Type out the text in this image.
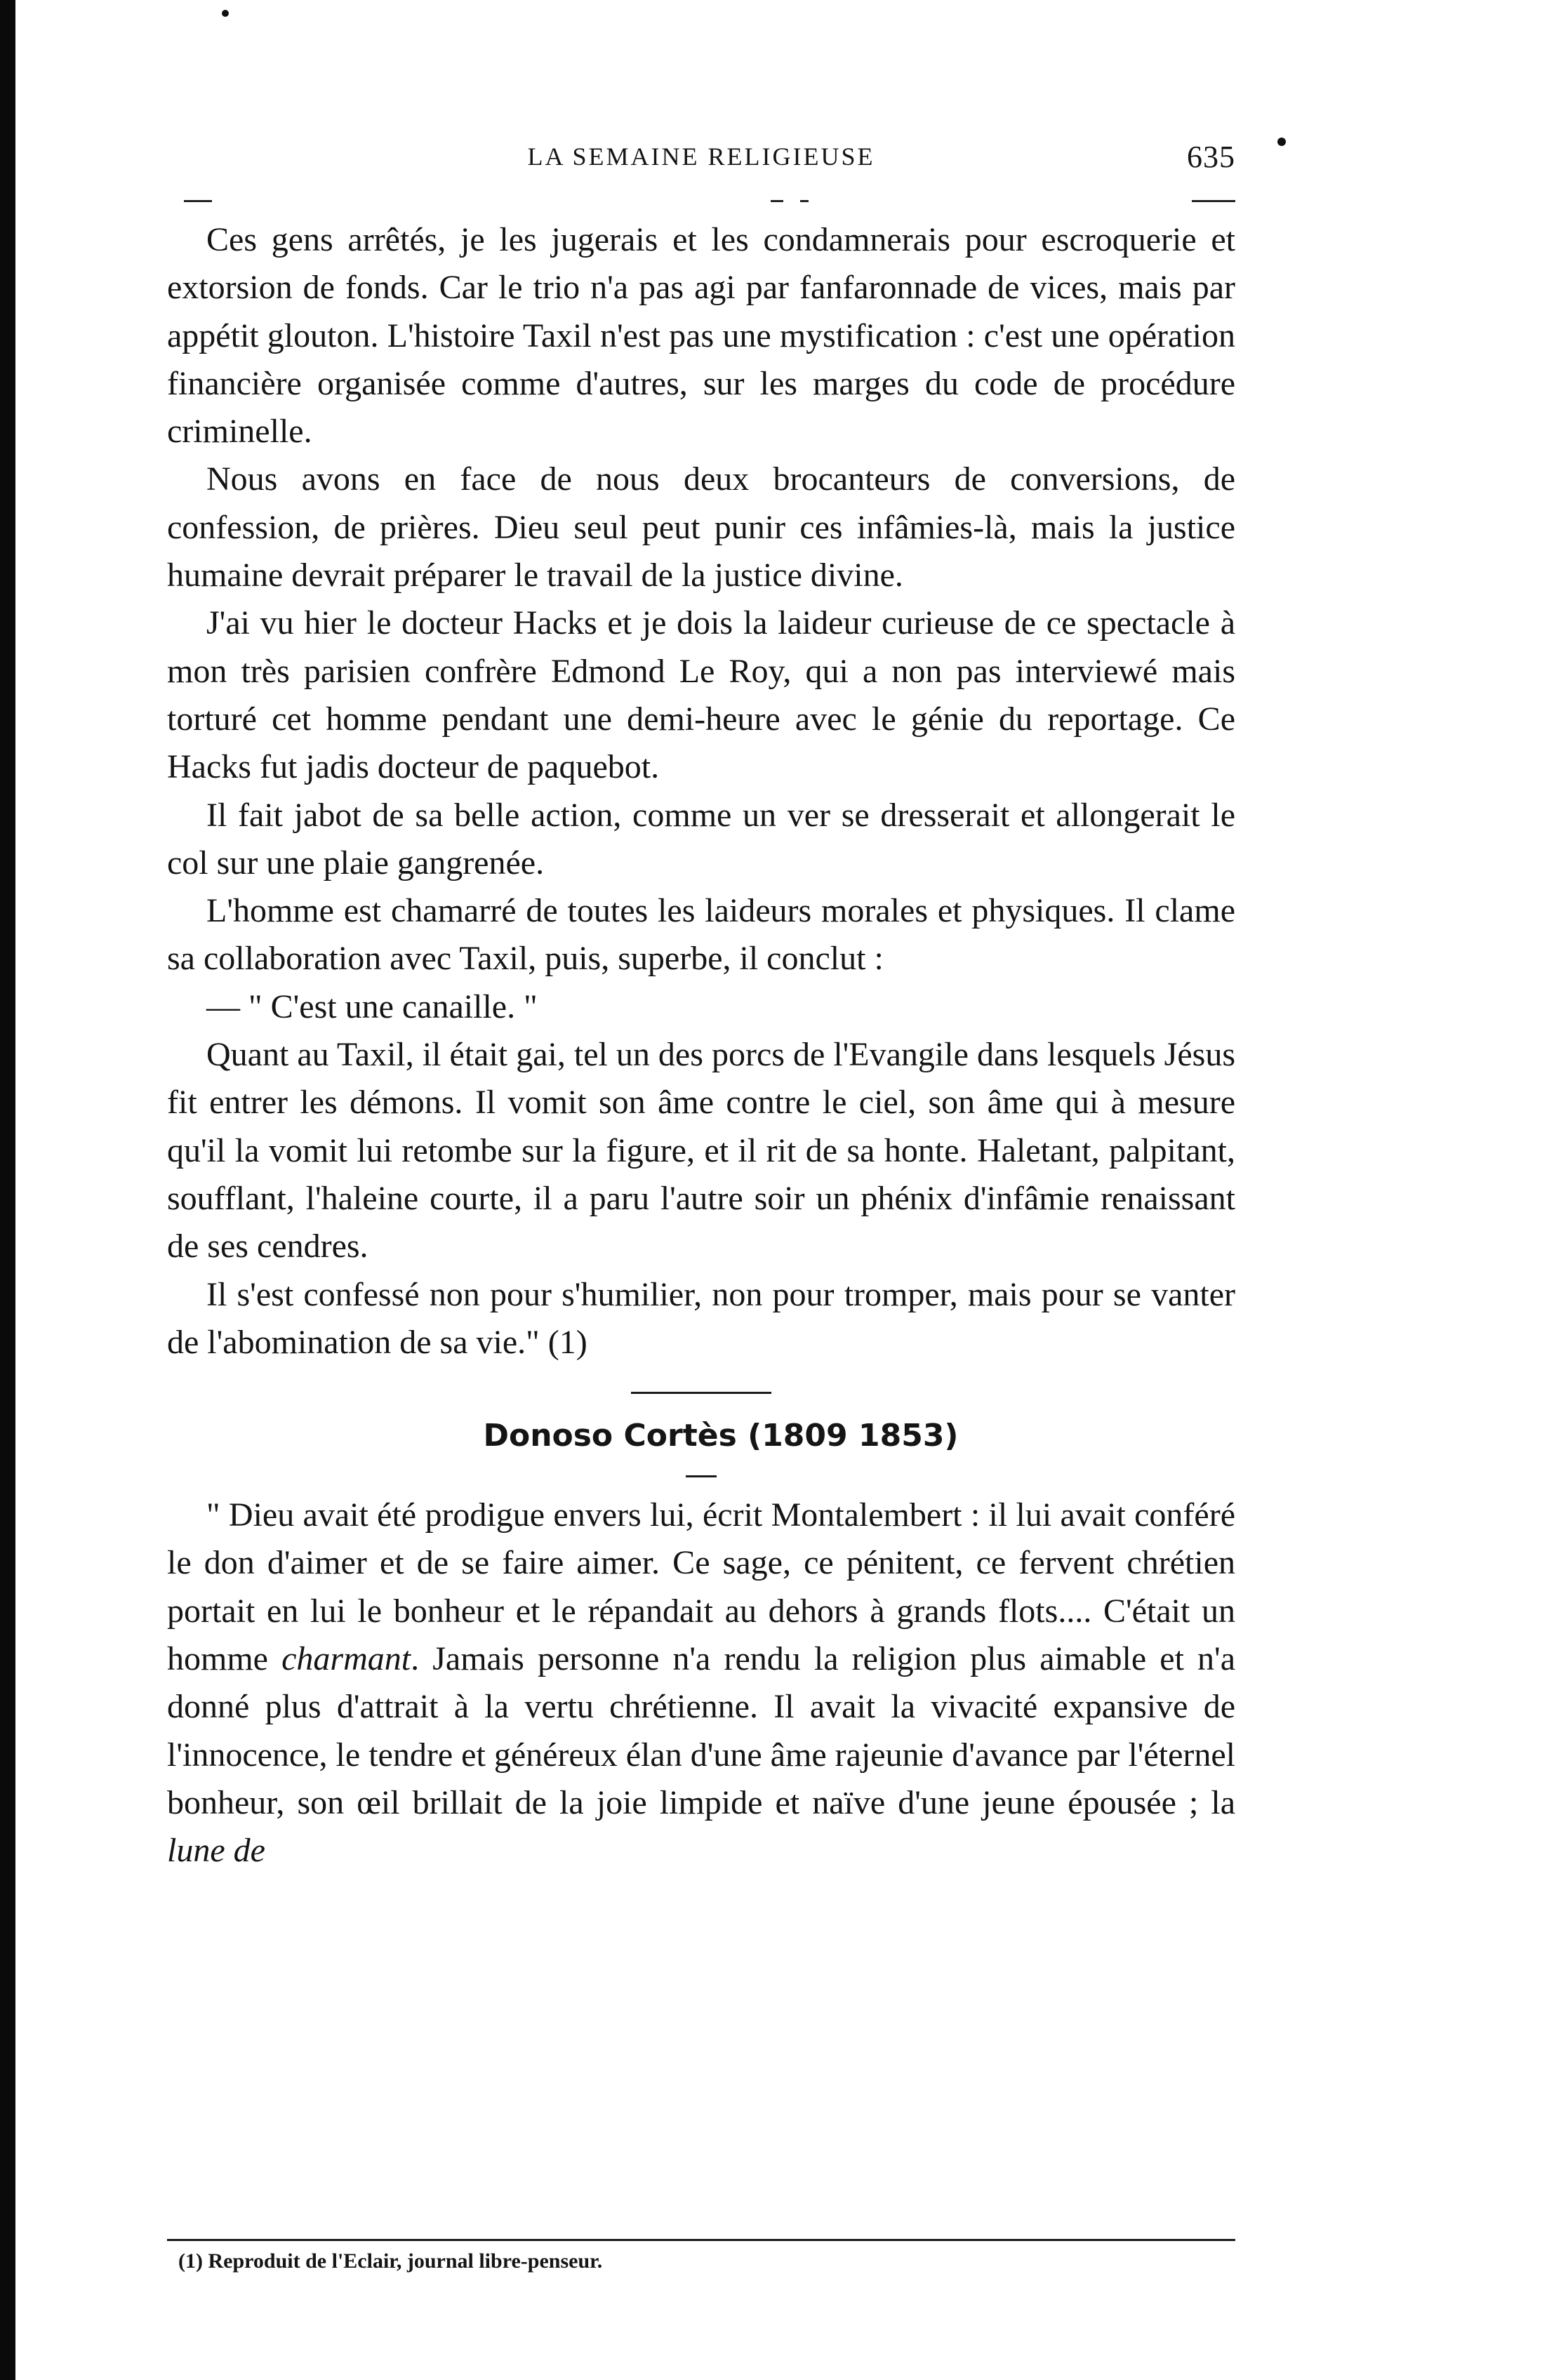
LA SEMAINE RELIGIEUSE	635

Ces gens arrêtés, je les jugerais et les condamnerais pour escroquerie et extorsion de fonds. Car le trio n'a pas agi par fanfaronnade de vices, mais par appétit glouton. L'histoire Taxil n'est pas une mystification : c'est une opération financière organisée comme d'autres, sur les marges du code de procédure criminelle.

Nous avons en face de nous deux brocanteurs de conversions, de confession, de prières. Dieu seul peut punir ces infâmies-là, mais la justice humaine devrait préparer le travail de la justice divine.

J'ai vu hier le docteur Hacks et je dois la laideur curieuse de ce spectacle à mon très parisien confrère Edmond Le Roy, qui a non pas interviewé mais torturé cet homme pendant une demi-heure avec le génie du reportage. Ce Hacks fut jadis docteur de paquebot.

Il fait jabot de sa belle action, comme un ver se dresserait et allongerait le col sur une plaie gangrenée.

L'homme est chamarré de toutes les laideurs morales et physiques. Il clame sa collaboration avec Taxil, puis, superbe, il conclut :

— " C'est une canaille. "

Quant au Taxil, il était gai, tel un des porcs de l'Evangile dans lesquels Jésus fit entrer les démons. Il vomit son âme contre le ciel, son âme qui à mesure qu'il la vomit lui retombe sur la figure, et il rit de sa honte. Haletant, palpitant, soufflant, l'haleine courte, il a paru l'autre soir un phénix d'infâmie renaissant de ses cendres.

Il s'est confessé non pour s'humilier, non pour tromper, mais pour se vanter de l'abomination de sa vie." (1)

Donoso Cortès (1809 1853)

" Dieu avait été prodigue envers lui, écrit Montalembert : il lui avait conféré le don d'aimer et de se faire aimer. Ce sage, ce pénitent, ce fervent chrétien portait en lui le bonheur et le répandait au dehors à grands flots.... C'était un homme charmant. Jamais personne n'a rendu la religion plus aimable et n'a donné plus d'attrait à la vertu chrétienne. Il avait la vivacité expansive de l'innocence, le tendre et généreux élan d'une âme rajeunie d'avance par l'éternel bonheur, son œil brillait de la joie limpide et naïve d'une jeune épousée ; la lune de

(1) Reproduit de l'Eclair, journal libre-penseur.
